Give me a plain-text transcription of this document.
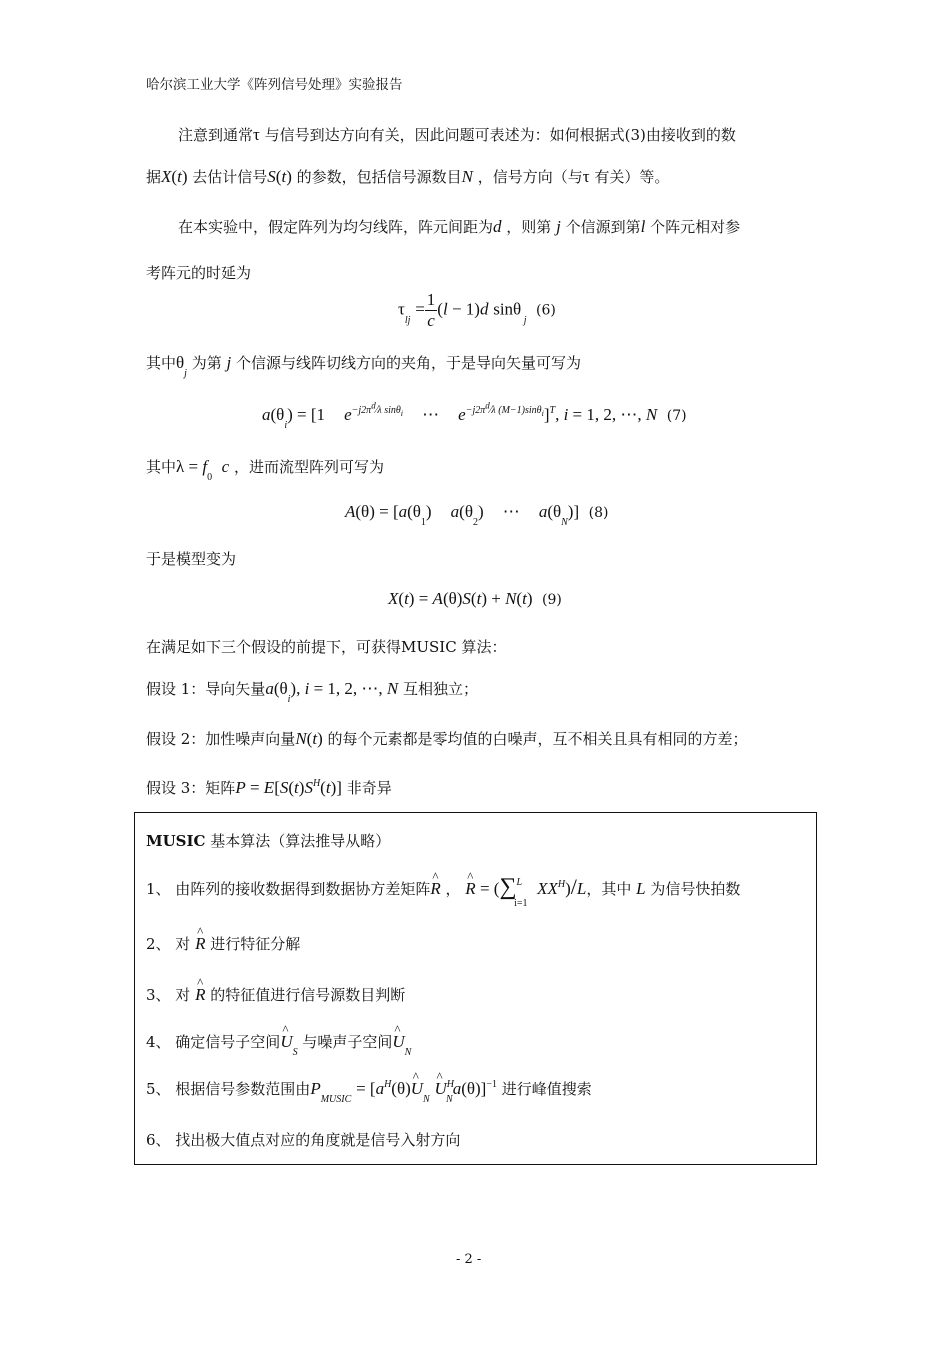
哈尔滨工业大学《阵列信号处理》实验报告
注意到通常τ 与信号到达方向有关，因此问题可表述为：如何根据式(3)由接收到的数
据X(t) 去估计信号S(t) 的参数，包括信号源数目N ，信号方向（与τ 有关）等。
在本实验中，假定阵列为均匀线阵，阵元间距为d ，则第 j 个信源到第l 个阵元相对参
考阵元的时延为
$\tau_{lj} = \frac{1}{c} (l - 1)d$ sinθ $_j$  (6)
其中$\theta_j$ 为第 j 个信源与线阵切线方向的夹角，于是导向矢量可写为
$a(\theta_i) = [1$ $e^{-j2\pi^d⁄\lambda sin\theta_i}$ ⋯ $e^{-j2\pi^d⁄\lambda (M-1)sin\theta_i}]^T$, i = 1, 2, ⋯, N (7)
其中$\lambda = f_0$  c ，进而流型阵列可写为
$A(\theta) = [a(\theta_1)$ $a(\theta_2)$ ⋯ $a(\theta_N)$] (8)
于是模型变为
X(t) = A(θ)S(t) + N(t) (9)
在满足如下三个假设的前提下，可获得MUSIC 算法：
假设 1：导向矢量$a(\theta_i)$, i = 1, 2, ⋯, N 互相独立；
假设 2：加性噪声向量N(t) 的每个元素都是零均值的白噪声，互不相关且具有相同的方差；
假设 3：矩阵$P = E[S(t)S^H(t)]$ 非奇异
MUSIC 基本算法（算法推导从略）
1、 由阵列的接收数据得到数据协方差矩阵^ R ， ^ R = (∑$^L_{i=1}$  $XX^H)/L$，其中 L 为信号快拍数
2、 对 ^ R 进行特征分解
3、 对 ^ R 的特征值进行信号源数目判断
4、 确定信号子空间^ $U_S$ 与噪声子空间^ $U_N$
5、 根据信号参数范围由$P_{MUSIC}$ = [$a^H(\theta)\^{}$ $U_N$ ^ $U^H_Na(\theta)]^{-1}$ 进行峰值搜索
6、 找出极大值点对应的角度就是信号入射方向
- 2 -
